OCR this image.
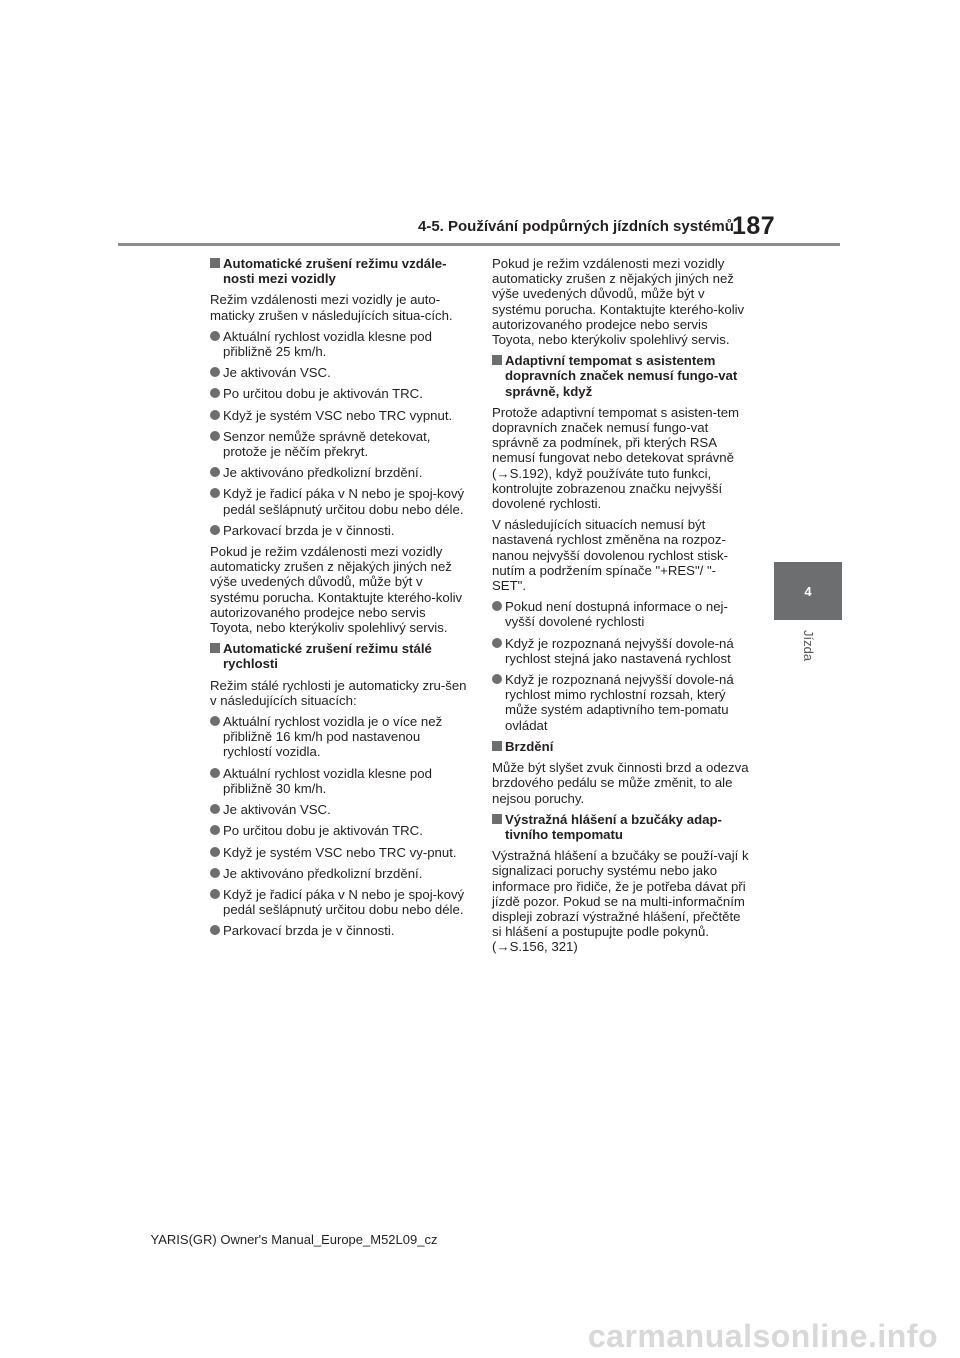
4-5. Používání podpůrných jízdních systémů
187
4
Jízda
Automatické zrušení režimu vzdále-nosti mezi vozidly
Režim vzdálenosti mezi vozidly je auto-maticky zrušen v následujících situa-cích.
Aktuální rychlost vozidla klesne pod přibližně 25 km/h.
Je aktivován VSC.
Po určitou dobu je aktivován TRC.
Když je systém VSC nebo TRC vypnut.
Senzor nemůže správně detekovat, protože je něčím překryt.
Je aktivováno předkolizní brzdění.
Když je řadicí páka v N nebo je spoj-kový pedál sešlápnutý určitou dobu nebo déle.
Parkovací brzda je v činnosti.
Pokud je režim vzdálenosti mezi vozidly automaticky zrušen z nějakých jiných než výše uvedených důvodů, může být v systému porucha. Kontaktujte kterého-koliv autorizovaného prodejce nebo servis Toyota, nebo kterýkoliv spolehlivý servis.
Automatické zrušení režimu stálé rychlosti
Režim stálé rychlosti je automaticky zru-šen v následujících situacích:
Aktuální rychlost vozidla je o více než přibližně 16 km/h pod nastavenou rychlostí vozidla.
Aktuální rychlost vozidla klesne pod přibližně 30 km/h.
Je aktivován VSC.
Po určitou dobu je aktivován TRC.
Když je systém VSC nebo TRC vy-pnut.
Je aktivováno předkolizní brzdění.
Když je řadicí páka v N nebo je spoj-kový pedál sešlápnutý určitou dobu nebo déle.
Parkovací brzda je v činnosti.
Pokud je režim vzdálenosti mezi vozidly automaticky zrušen z nějakých jiných než výše uvedených důvodů, může být v systému porucha. Kontaktujte kterého-koliv autorizovaného prodejce nebo servis Toyota, nebo kterýkoliv spolehlivý servis.
Adaptivní tempomat s asistentem dopravních značek nemusí fungo-vat správně, když
Protože adaptivní tempomat s asisten-tem dopravních značek nemusí fungo-vat správně za podmínek, při kterých RSA nemusí fungovat nebo detekovat správně (→S.192), když používáte tuto funkci, kontrolujte zobrazenou značku nejvyšší dovolené rychlosti.
V následujících situacích nemusí být nastavená rychlost změněna na rozpoz-nanou nejvyšší dovolenou rychlost stisk-nutím a podržením spínače "+RES"/ "-SET".
Pokud není dostupná informace o nej-vyšší dovolené rychlosti
Když je rozpoznaná nejvyšší dovole-ná rychlost stejná jako nastavená rychlost
Když je rozpoznaná nejvyšší dovole-ná rychlost mimo rychlostní rozsah, který může systém adaptivního tem-pomatu ovládat
Brzdění
Může být slyšet zvuk činnosti brzd a odezva brzdového pedálu se může změnit, to ale nejsou poruchy.
Výstražná hlášení a bzučáky adap-tivního tempomatu
Výstražná hlášení a bzučáky se použí-vají k signalizaci poruchy systému nebo jako informace pro řidiče, že je potřeba dávat při jízdě pozor. Pokud se na multi-informačním displeji zobrazí výstražné hlášení, přečtěte si hlášení a postupujte podle pokynů. (→S.156, 321)
YARIS(GR) Owner's Manual_Europe_M52L09_cz
carmanualsonline.info
